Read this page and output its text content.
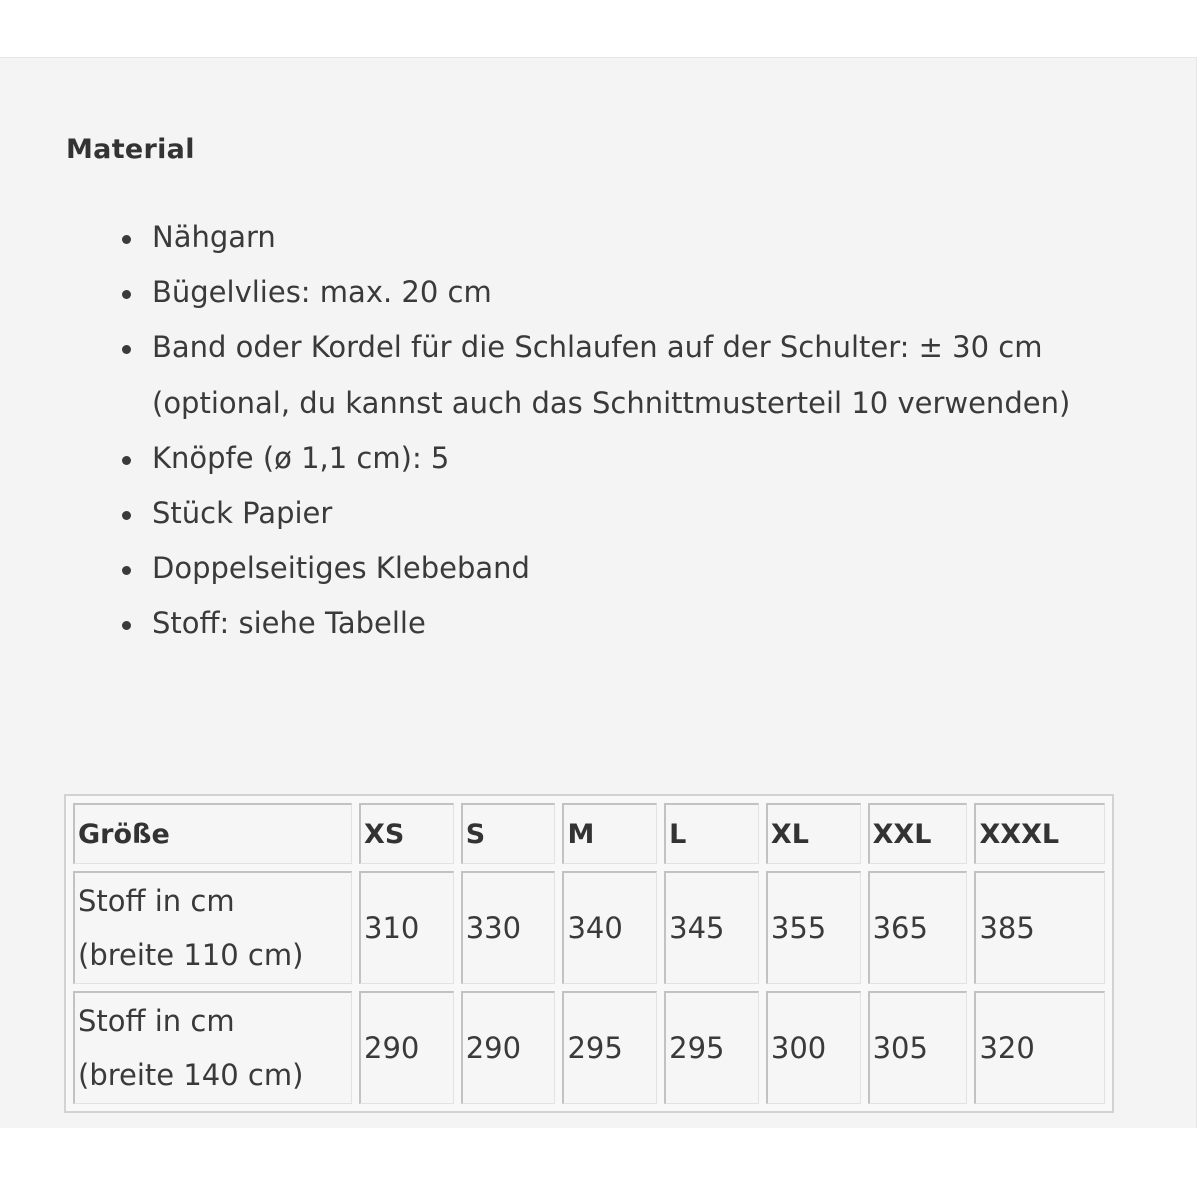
Material
Nähgarn
Bügelvlies: max. 20 cm
Band oder Kordel für die Schlaufen auf der Schulter: ± 30 cm (optional, du kannst auch das Schnittmusterteil 10 verwenden)
Knöpfe (ø 1,1 cm): 5
Stück Papier
Doppelseitiges Klebeband
Stoff: siehe Tabelle
Größe	XS	S	M	L	XL	XXL	XXXL
Stoff in cm
(breite 110 cm)	310	330	340	345	355	365	385
Stoff in cm
(breite 140 cm)	290	290	295	295	300	305	320
